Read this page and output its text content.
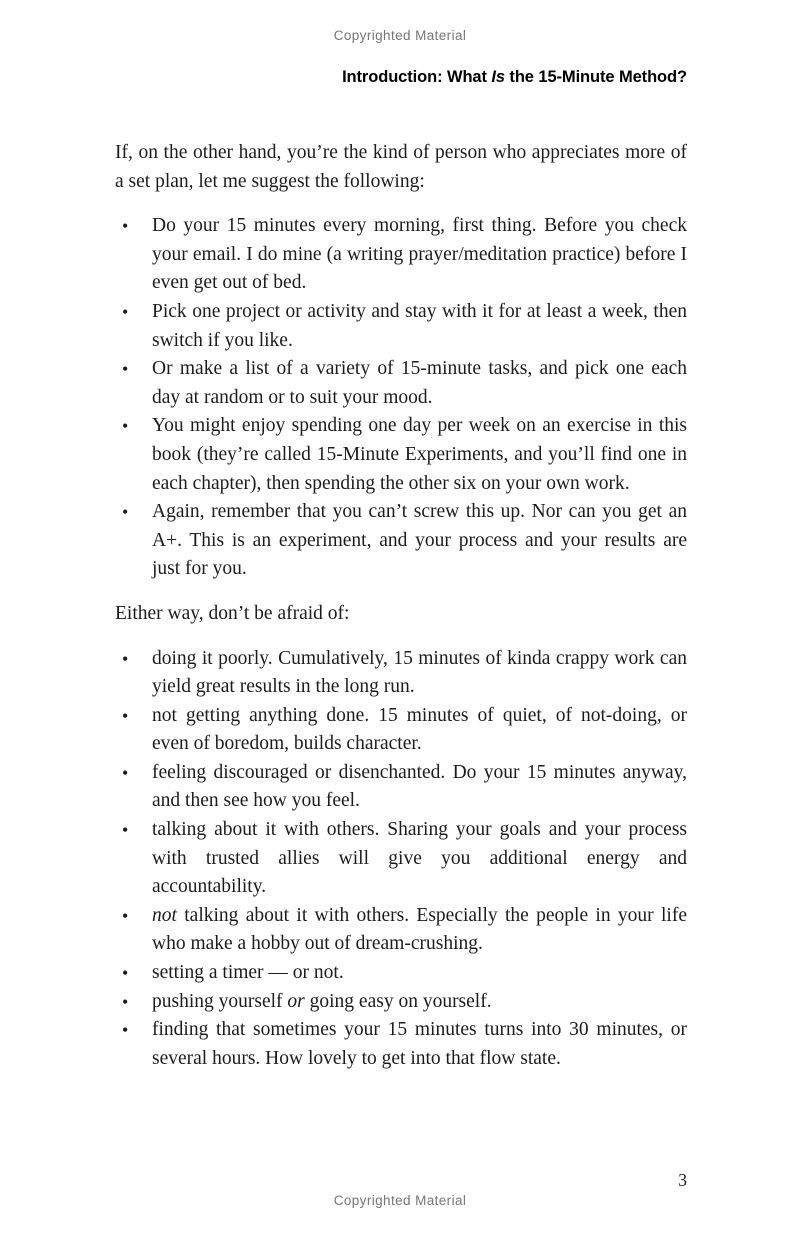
Copyrighted Material
Introduction: What Is the 15-Minute Method?

If, on the other hand, you’re the kind of person who appreciates more of a set plan, let me suggest the following:

• Do your 15 minutes every morning, first thing. Before you check your email. I do mine (a writing prayer/meditation practice) before I even get out of bed.
• Pick one project or activity and stay with it for at least a week, then switch if you like.
• Or make a list of a variety of 15-minute tasks, and pick one each day at random or to suit your mood.
• You might enjoy spending one day per week on an exercise in this book (they’re called 15-Minute Experiments, and you’ll find one in each chapter), then spending the other six on your own work.
• Again, remember that you can’t screw this up. Nor can you get an A+. This is an experiment, and your process and your results are just for you.

Either way, don’t be afraid of:

• doing it poorly. Cumulatively, 15 minutes of kinda crappy work can yield great results in the long run.
• not getting anything done. 15 minutes of quiet, of not-doing, or even of boredom, builds character.
• feeling discouraged or disenchanted. Do your 15 minutes anyway, and then see how you feel.
• talking about it with others. Sharing your goals and your process with trusted allies will give you additional energy and accountability.
• not talking about it with others. Especially the people in your life who make a hobby out of dream-crushing.
• setting a timer — or not.
• pushing yourself or going easy on yourself.
• finding that sometimes your 15 minutes turns into 30 minutes, or several hours. How lovely to get into that flow state.
3
Copyrighted Material
